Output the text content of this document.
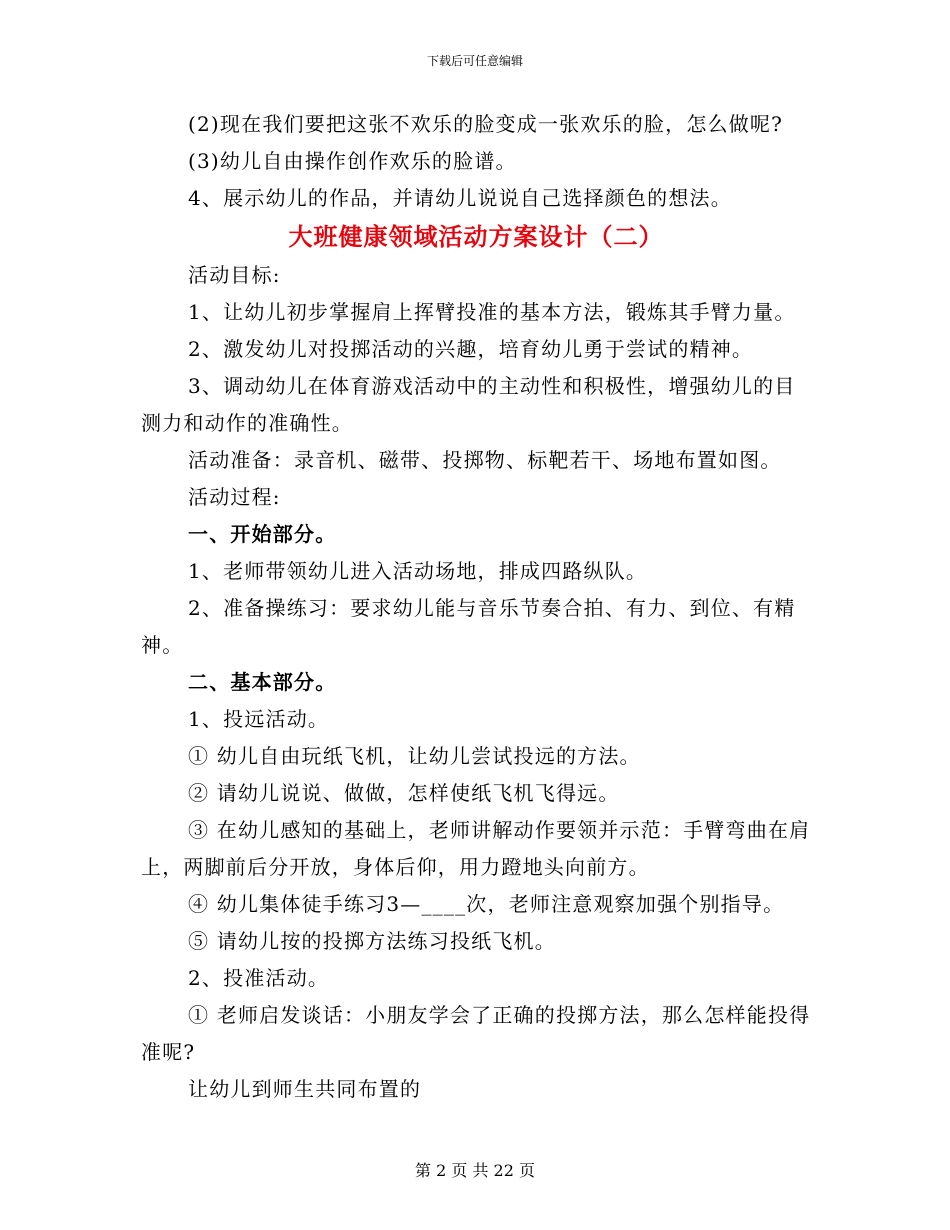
下载后可任意编辑

(2)现在我们要把这张不欢乐的脸变成一张欢乐的脸，怎么做呢?

(3)幼儿自由操作创作欢乐的脸谱。

4、展示幼儿的作品，并请幼儿说说自己选择颜色的想法。

大班健康领域活动方案设计（二）

活动目标:

1、让幼儿初步掌握肩上挥臂投准的基本方法，锻炼其手臂力量。

2、激发幼儿对投掷活动的兴趣，培育幼儿勇于尝试的精神。

3、调动幼儿在体育游戏活动中的主动性和积极性，增强幼儿的目测力和动作的准确性。

活动准备：录音机、磁带、投掷物、标靶若干、场地布置如图。

活动过程:

一、开始部分。

1、老师带领幼儿进入活动场地，排成四路纵队。

2、准备操练习：要求幼儿能与音乐节奏合拍、有力、到位、有精神。

二、基本部分。

1、投远活动。

① 幼儿自由玩纸飞机，让幼儿尝试投远的方法。

② 请幼儿说说、做做，怎样使纸飞机飞得远。

③ 在幼儿感知的基础上，老师讲解动作要领并示范：手臂弯曲在肩上，两脚前后分开放，身体后仰，用力蹬地头向前方。

④ 幼儿集体徒手练习3—____次，老师注意观察加强个别指导。

⑤ 请幼儿按的投掷方法练习投纸飞机。

2、投准活动。

① 老师启发谈话：小朋友学会了正确的投掷方法，那么怎样能投得准呢?

让幼儿到师生共同布置的

第 2 页 共 22 页
